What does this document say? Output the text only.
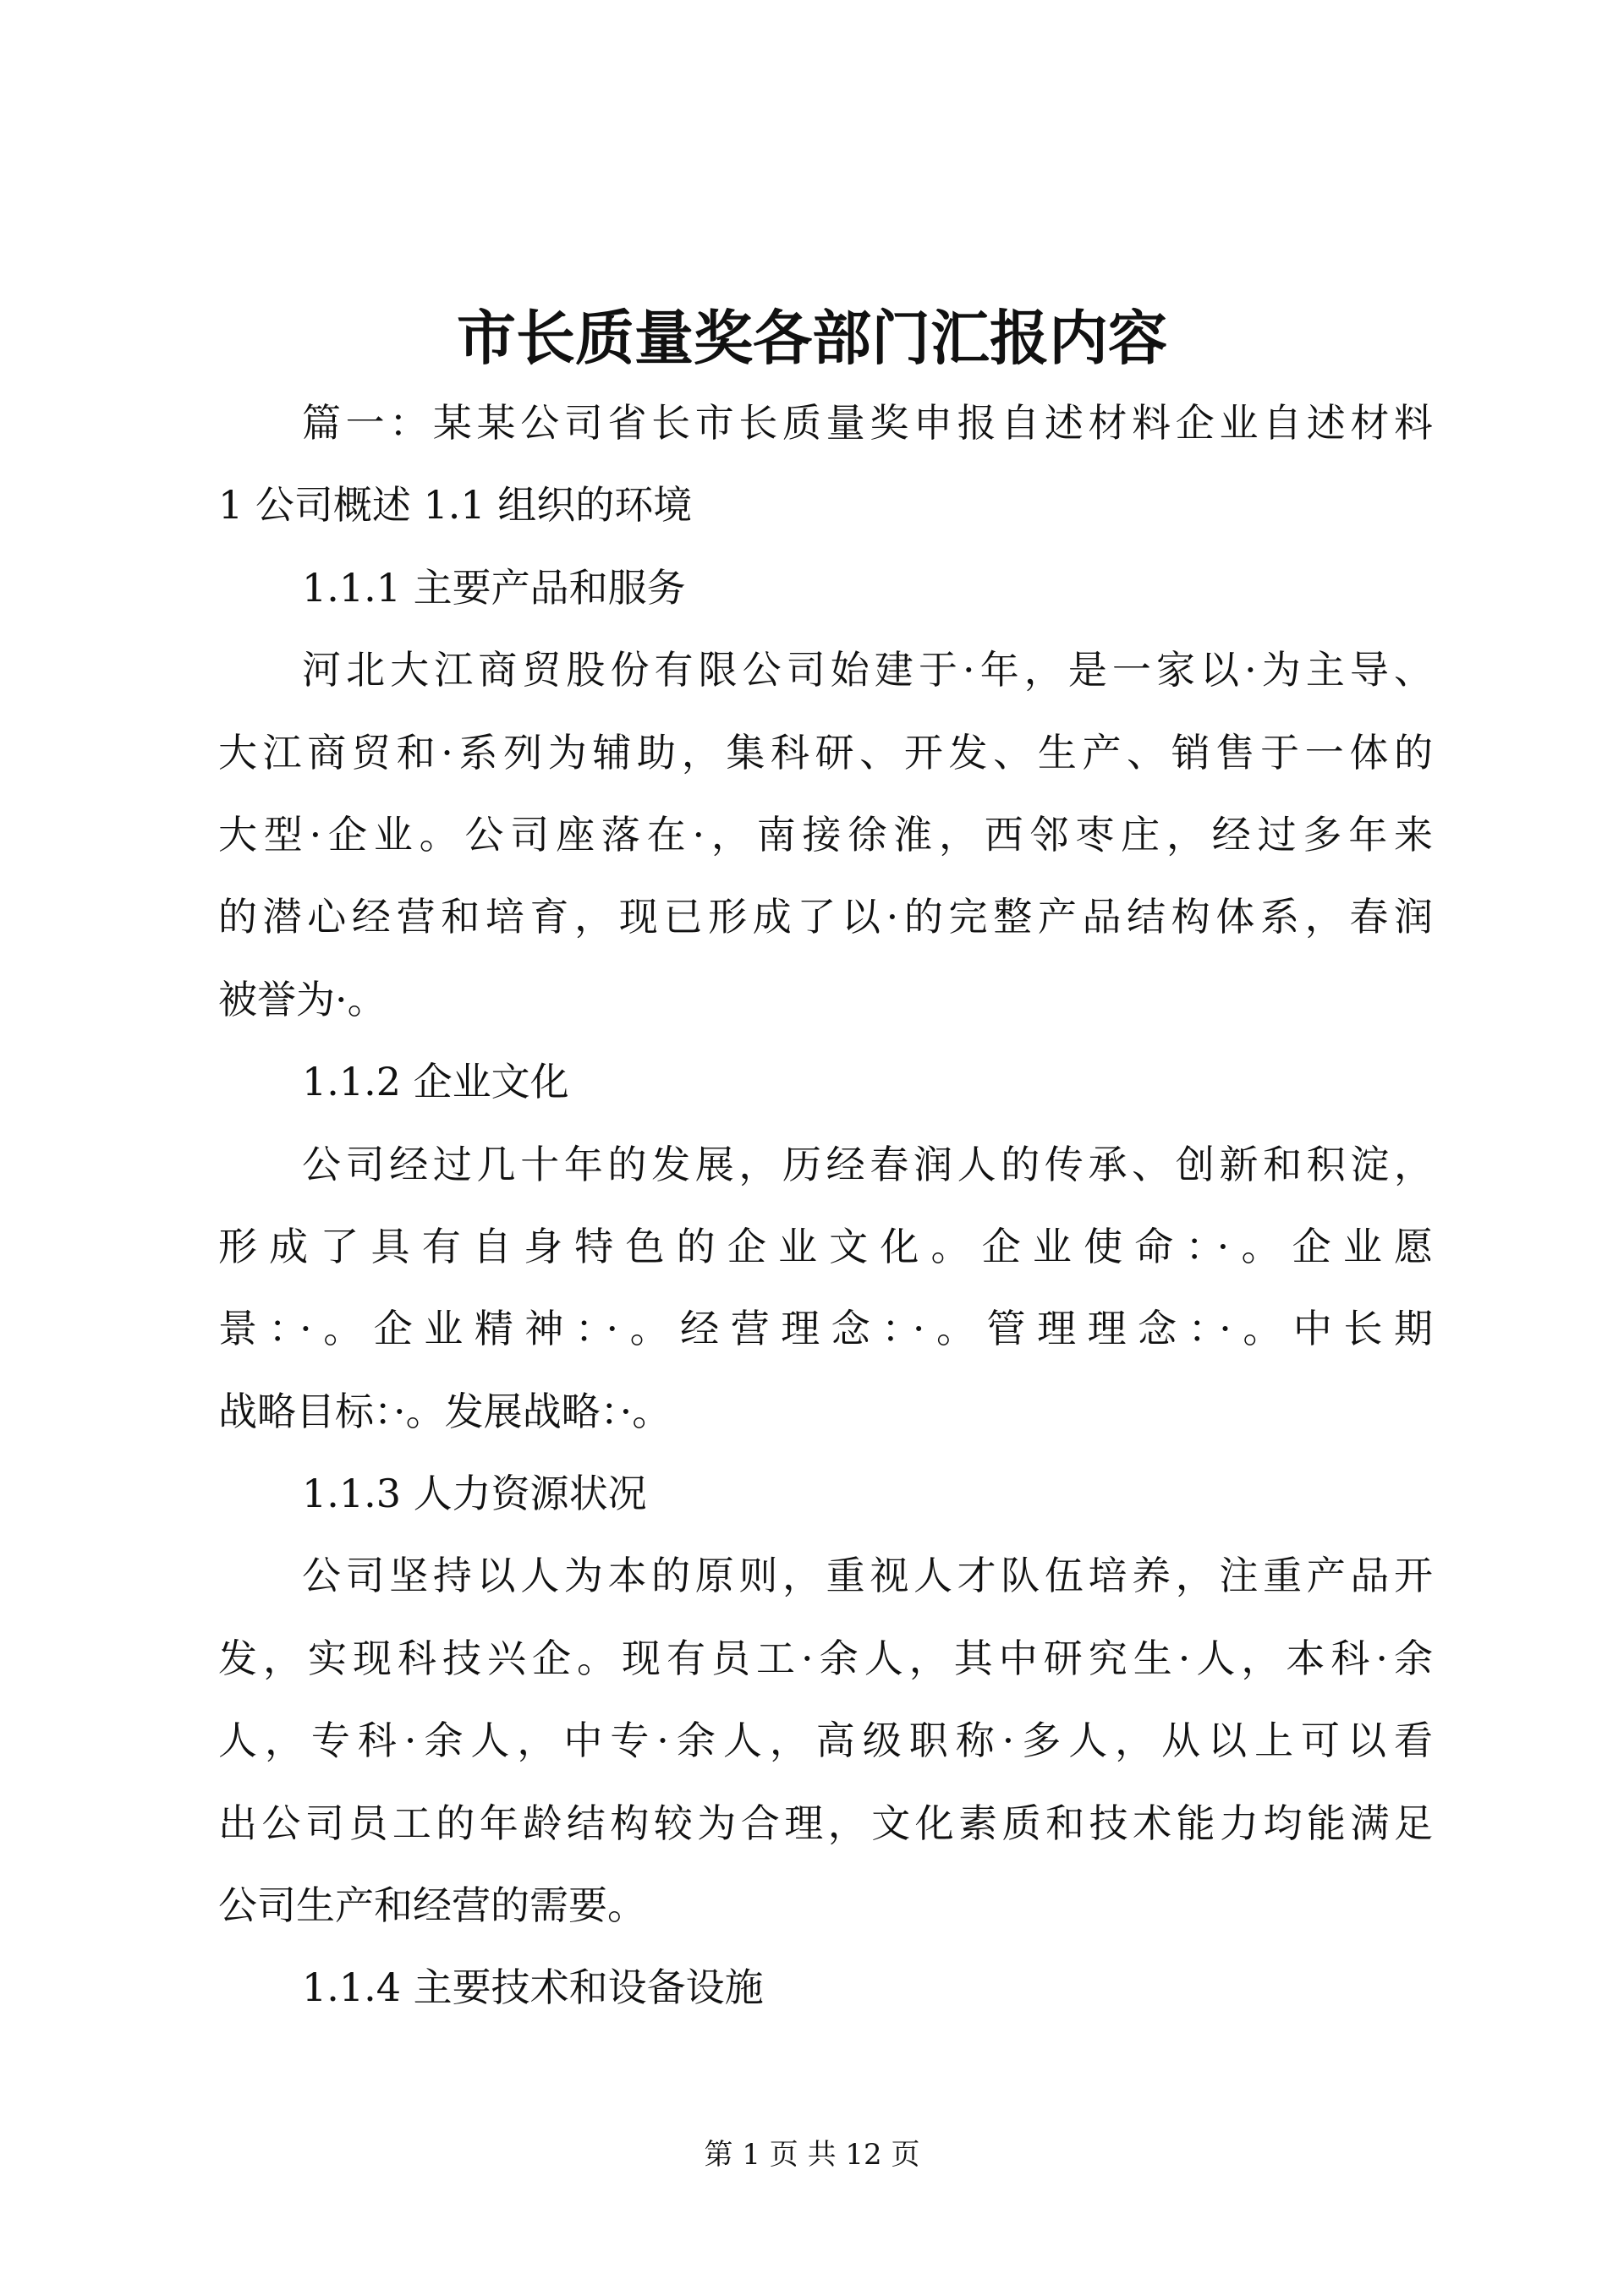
市长质量奖各部门汇报内容
篇一：某某公司省长市长质量奖申报自述材料企业自述材料
1 公司概述 1.1 组织的环境
1.1.1 主要产品和服务
河北大江商贸股份有限公司始建于·年，是一家以·为主导、
大江商贸和·系列为辅助，集科研、开发、生产、销售于一体的
大型·企业。公司座落在·，南接徐淮，西邻枣庄，经过多年来
的潜心经营和培育，现已形成了以·的完整产品结构体系，春润
被誉为·。
1.1.2 企业文化
公司经过几十年的发展，历经春润人的传承、创新和积淀，
形成了具有自身特色的企业文化。企业使命：·。企业愿
景：·。企业精神：·。经营理念：·。管理理念：·。中长期
战略目标：·。发展战略：·。
1.1.3 人力资源状况
公司坚持以人为本的原则，重视人才队伍培养，注重产品开
发，实现科技兴企。现有员工·余人，其中研究生·人，本科·余
人，专科·余人，中专·余人，高级职称·多人，从以上可以看
出公司员工的年龄结构较为合理，文化素质和技术能力均能满足
公司生产和经营的需要。
1.1.4 主要技术和设备设施
第 1 页 共 12 页
